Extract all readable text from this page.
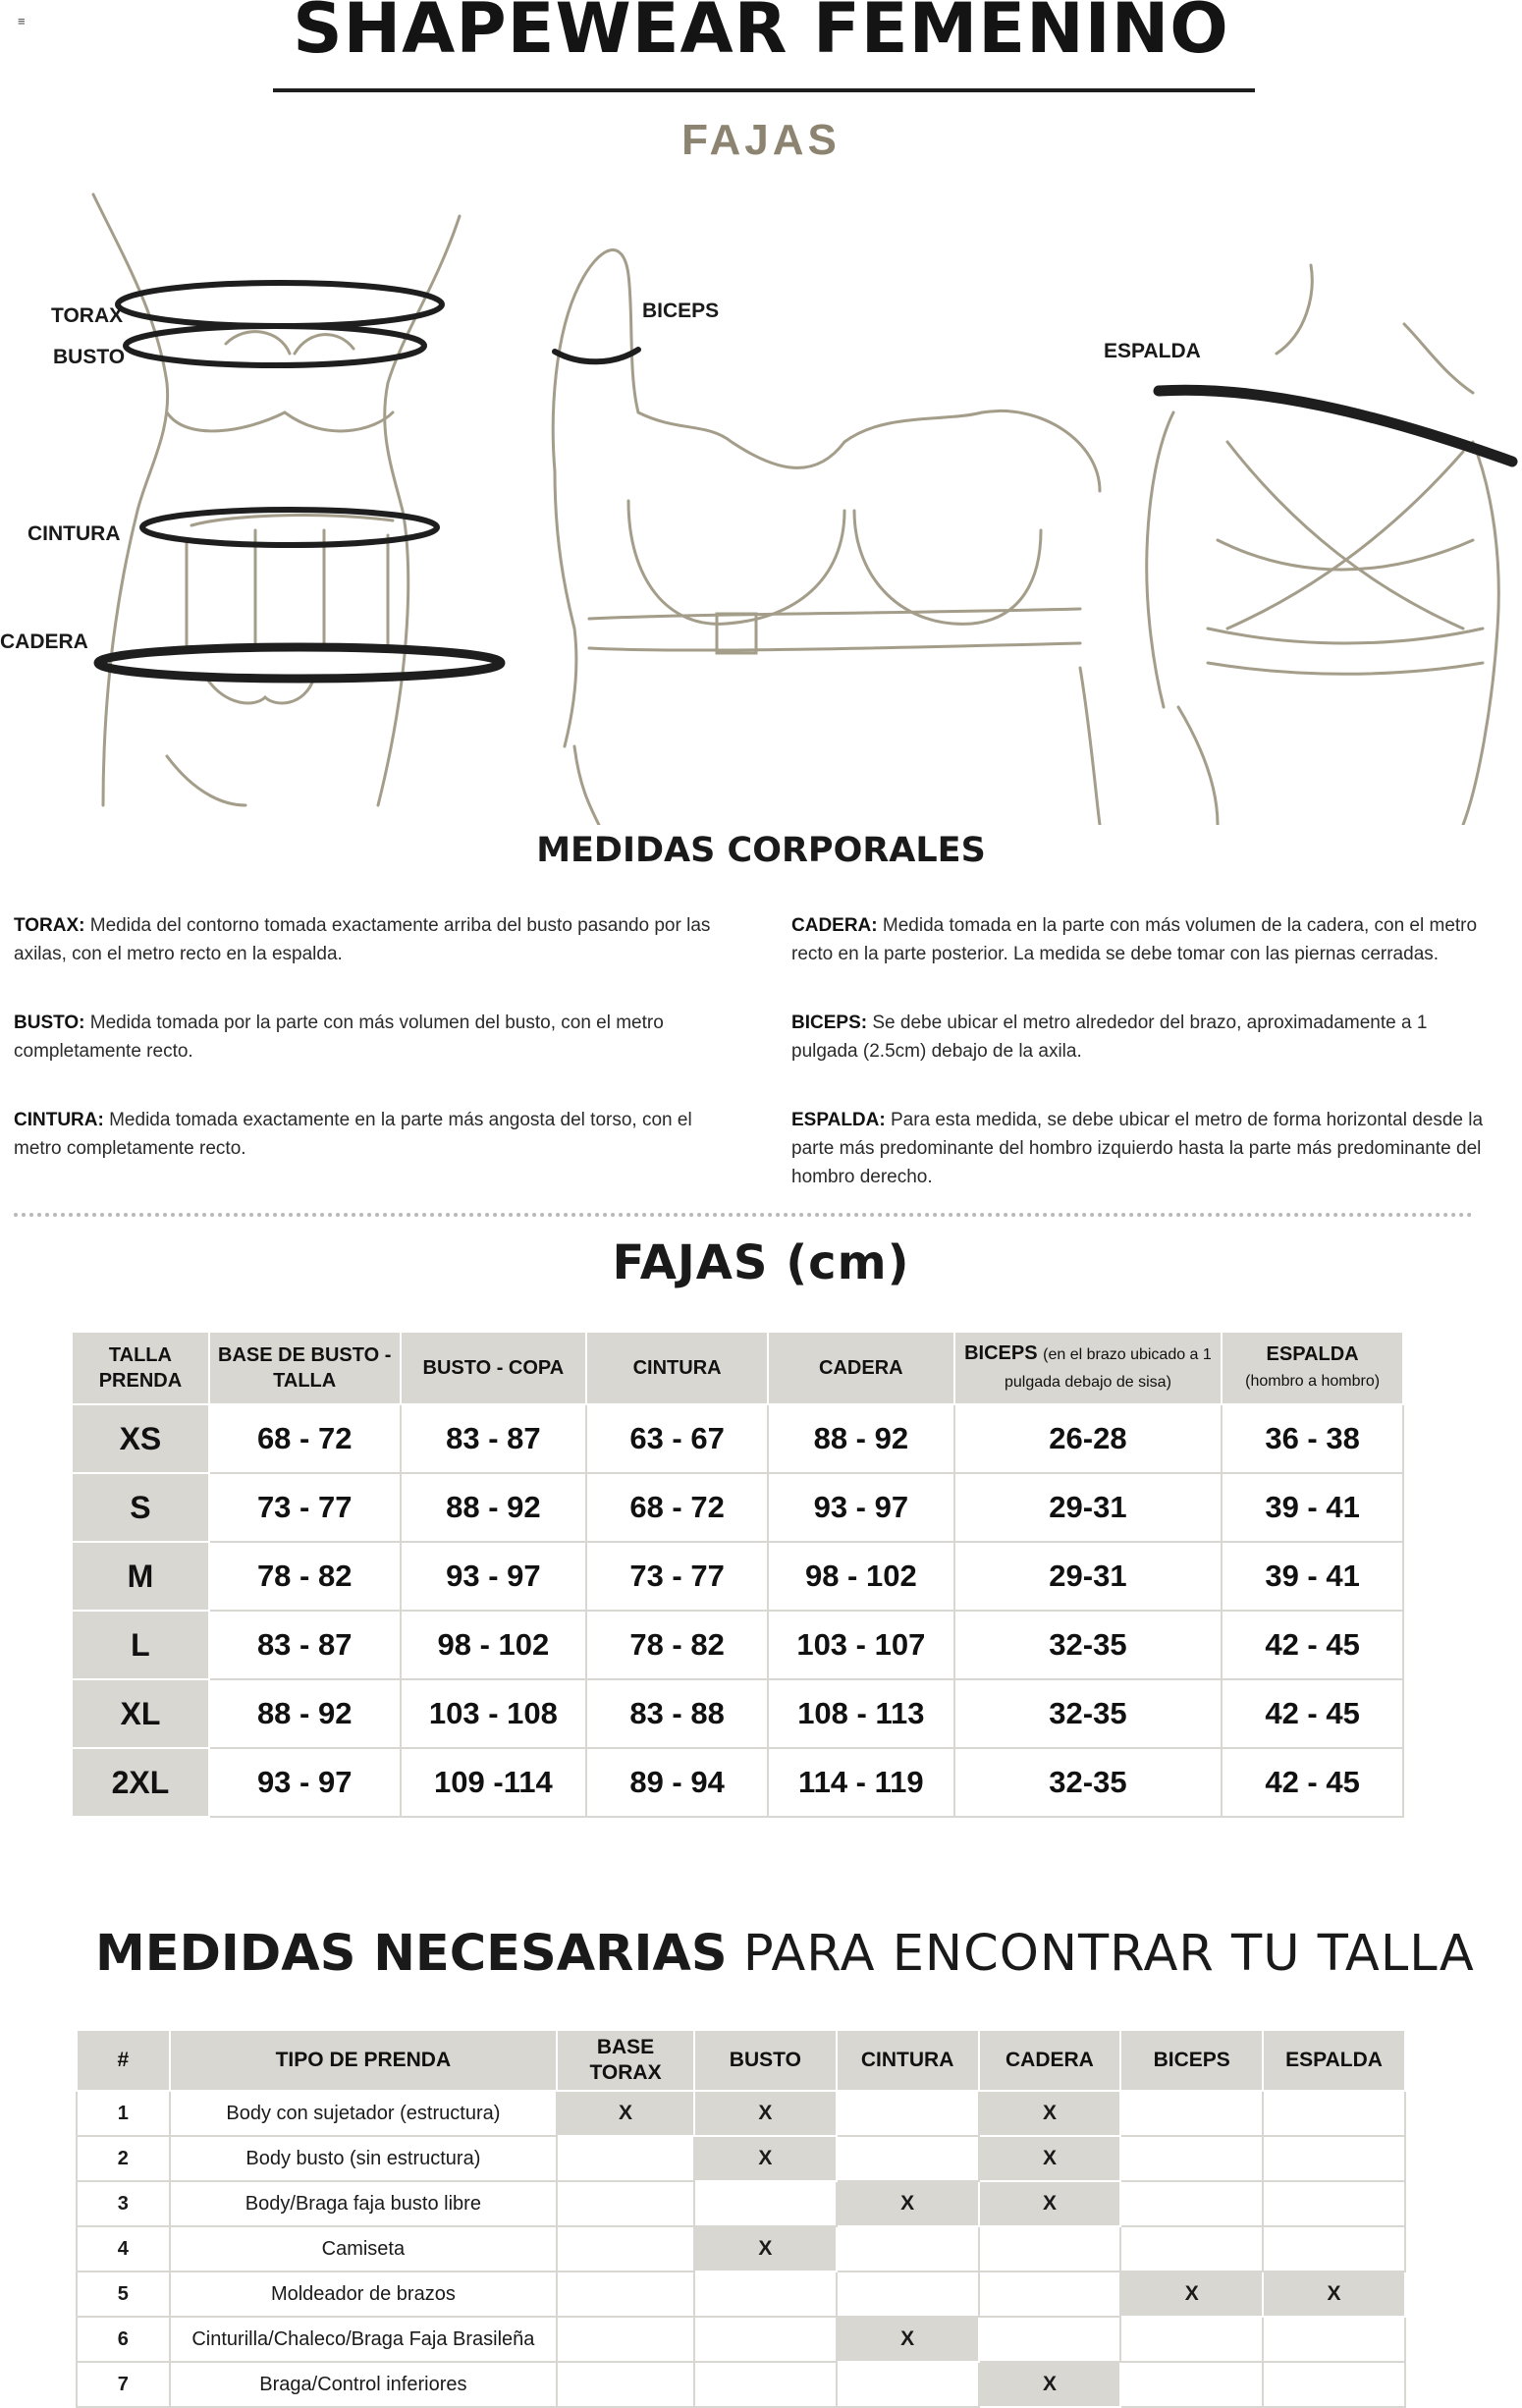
≡	SHAPEWEAR FEMENINO
FAJAS
TORAX
BUSTO
CINTURA
CADERA
BICEPS
ESPALDA
MEDIDAS CORPORALES
TORAX: Medida del contorno tomada exactamente arriba del busto pasando por las axilas, con el metro recto en la espalda.
BUSTO: Medida tomada por la parte con más volumen del busto, con el metro completamente recto.
CINTURA: Medida tomada exactamente en la parte más angosta del torso, con el metro completamente recto.
CADERA: Medida tomada en la parte con más volumen de la cadera, con el metro recto en la parte posterior. La medida se debe tomar con las piernas cerradas.
BICEPS: Se debe ubicar el metro alrededor del brazo, aproximadamente a 1 pulgada (2.5cm) debajo de la axila.
ESPALDA: Para esta medida, se debe ubicar el metro de forma horizontal desde la parte más predominante del hombro izquierdo hasta la parte más predominante del hombro derecho.
FAJAS (cm)
TALLA PRENDA	BASE DE BUSTO - TALLA	BUSTO - COPA	CINTURA	CADERA	BICEPS (en el brazo ubicado a 1 pulgada debajo de sisa)	ESPALDA
(hombro a hombro)
XS	68 - 72	83 - 87	63 - 67	88 - 92	26-28	36 - 38
S	73 - 77	88 - 92	68 - 72	93 - 97	29-31	39 - 41
M	78 - 82	93 - 97	73 - 77	98 - 102	29-31	39 - 41
L	83 - 87	98 - 102	78 - 82	103 - 107	32-35	42 - 45
XL	88 - 92	103 - 108	83 - 88	108 - 113	32-35	42 - 45
2XL	93 - 97	109 -114	89 - 94	114 - 119	32-35	42 - 45
MEDIDAS NECESARIAS PARA ENCONTRAR TU TALLA
#	TIPO DE PRENDA	BASE TORAX	BUSTO	CINTURA	CADERA	BICEPS	ESPALDA
1	Body con sujetador (estructura)	X	X		X		
2	Body busto (sin estructura)		X		X		
3	Body/Braga faja busto libre			X	X		
4	Camiseta		X				
5	Moldeador de brazos					X	X
6	Cinturilla/Chaleco/Braga Faja Brasileña			X			
7	Braga/Control inferiores				X		
